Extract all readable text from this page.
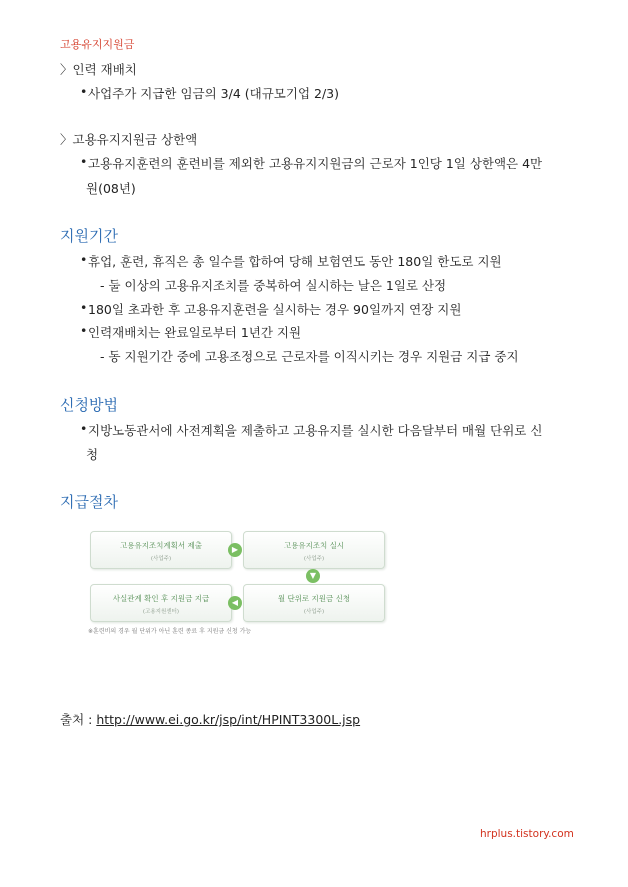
고용유지지원금
〉인력 재배치
• 사업주가 지급한 임금의 3/4 (대규모기업 2/3)
〉고용유지지원금 상한액
• 고용유지훈련의 훈련비를 제외한 고용유지지원금의 근로자 1인당 1일 상한액은 4만
원(08년)
지원기간
• 휴업, 훈련, 휴직은 총 일수를 합하여 당해 보험연도 동안 180일 한도로 지원
- 둘 이상의 고용유지조치를 중복하여 실시하는 날은 1일로 산정
• 180일 초과한 후 고용유지훈련을 실시하는 경우 90일까지 연장 지원
• 인력재배치는 완료일로부터 1년간 지원
- 동 지원기간 중에 고용조정으로 근로자를 이직시키는 경우 지원금 지급 중지
신청방법
• 지방노동관서에 사전계획을 제출하고 고용유지를 실시한 다음달부터 매월 단위로 신
청
지급절차
고용유지조치계획서 제출
(사업주)
▶	고용유지조치 실시
(사업주)
▼
사실관계 확인 후 지원금 지급
(고용지원센터)
◀	월 단위로 지원금 신청
(사업주)
※훈련비의 경우 월 단위가 아닌 훈련 종료 후 지원금 신청 가능
출처 : http://www.ei.go.kr/jsp/int/HPINT3300L.jsp
hrplus.tistory.com
